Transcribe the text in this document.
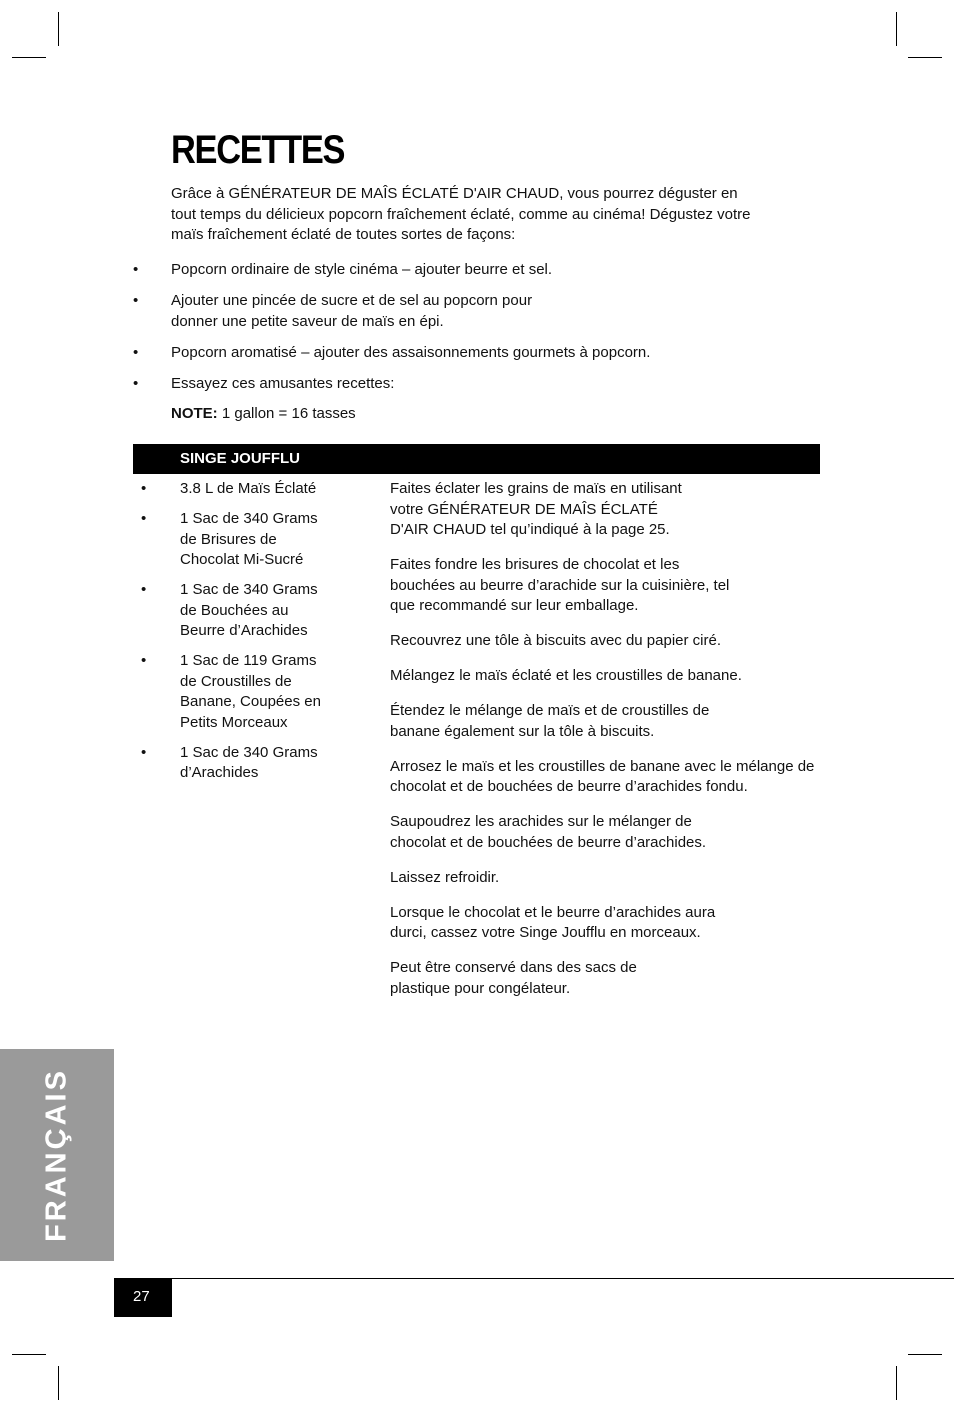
RECETTES

Grâce à GÉNÉRATEUR DE MAÎS ÉCLATÉ D'AIR CHAUD, vous pourrez déguster en tout temps du délicieux popcorn fraîchement éclaté, comme au cinéma! Dégustez votre maïs fraîchement éclaté de toutes sortes de façons:

• Popcorn ordinaire de style cinéma – ajouter beurre et sel.
• Ajouter une pincée de sucre et de sel au popcorn pour donner une petite saveur de maïs en épi.
• Popcorn aromatisé – ajouter des assaisonnements gourmets à popcorn.
• Essayez ces amusantes recettes:

NOTE: 1 gallon = 16 tasses

SINGE JOUFFLU
• 3.8 L de Maïs Éclaté
• 1 Sac de 340 Grams de Brisures de Chocolat Mi-Sucré
• 1 Sac de 340 Grams de Bouchées au Beurre d’Arachides
• 1 Sac de 119 Grams de Croustilles de Banane, Coupées en Petits Morceaux
• 1 Sac de 340 Grams d’Arachides

Faites éclater les grains de maïs en utilisant votre GÉNÉRATEUR DE MAÎS ÉCLATÉ D'AIR CHAUD tel qu’indiqué à la page 25.

Faites fondre les brisures de chocolat et les bouchées au beurre d’arachide sur la cuisinière, tel que recommandé sur leur emballage.

Recouvrez une tôle à biscuits avec du papier ciré.

Mélangez le maïs éclaté et les croustilles de banane.

Étendez le mélange de maïs et de croustilles de banane également sur la tôle à biscuits.

Arrosez le maïs et les croustilles de banane avec le mélange de chocolat et de bouchées de beurre d’arachides fondu.

Saupoudrez les arachides sur le mélanger de chocolat et de bouchées de beurre d’arachides.

Laissez refroidir.

Lorsque le chocolat et le beurre d’arachides aura durci, cassez votre Singe Joufflu en morceaux.

Peut être conservé dans des sacs de plastique pour congélateur.

FRANÇAIS
27
